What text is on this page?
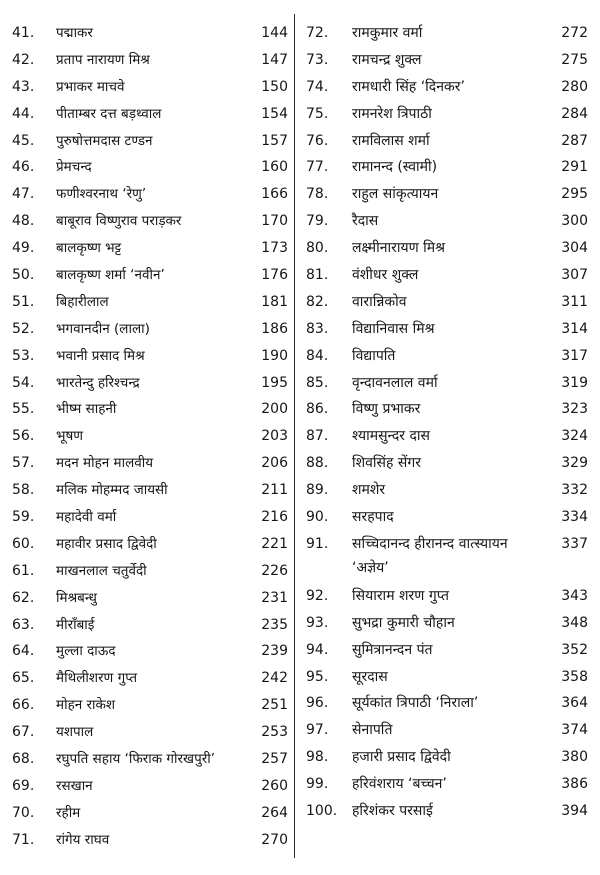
41. पद्माकर	144
42. प्रताप नारायण मिश्र	147
43. प्रभाकर माचवे	150
44. पीताम्बर दत्त बड़थ्वाल	154
45. पुरुषोत्तमदास टण्डन	157
46. प्रेमचन्द	160
47. फणीश्वरनाथ ‘रेणु’	166
48. बाबूराव विष्णुराव पराड़कर	170
49. बालकृष्ण भट्ट	173
50. बालकृष्ण शर्मा ‘नवीन’	176
51. बिहारीलाल	181
52. भगवानदीन (लाला)	186
53. भवानी प्रसाद मिश्र	190
54. भारतेन्दु हरिश्चन्द्र	195
55. भीष्म साहनी	200
56. भूषण	203
57. मदन मोहन मालवीय	206
58. मलिक मोहम्मद जायसी	211
59. महादेवी वर्मा	216
60. महावीर प्रसाद द्विवेदी	221
61. माखनलाल चतुर्वेदी	226
62. मिश्रबन्धु	231
63. मीराँबाई	235
64. मुल्ला दाऊद	239
65. मैथिलीशरण गुप्त	242
66. मोहन राकेश	251
67. यशपाल	253
68. रघुपति सहाय ‘फिराक गोरखपुरी’	257
69. रसखान	260
70. रहीम	264
71. रांगेय राघव	270
72. रामकुमार वर्मा	272
73. रामचन्द्र शुक्ल	275
74. रामधारी सिंह ‘दिनकर’	280
75. रामनरेश त्रिपाठी	284
76. रामविलास शर्मा	287
77. रामानन्द (स्वामी)	291
78. राहुल सांकृत्यायन	295
79. रैदास	300
80. लक्ष्मीनारायण मिश्र	304
81. वंशीधर शुक्ल	307
82. वारान्निकोव	311
83. विद्यानिवास मिश्र	314
84. विद्यापति	317
85. वृन्दावनलाल वर्मा	319
86. विष्णु प्रभाकर	323
87. श्यामसुन्दर दास	324
88. शिवसिंह सेंगर	329
89. शमशेर	332
90. सरहपाद	334
91. सच्चिदानन्द हीरानन्द वात्स्यायन ‘अज्ञेय’
337
92. सियाराम शरण गुप्त	343
93. सुभद्रा कुमारी चौहान	348
94. सुमित्रानन्दन पंत	352
95. सूरदास	358
96. सूर्यकांत त्रिपाठी ‘निराला’	364
97. सेनापति	374
98. हजारी प्रसाद द्विवेदी	380
99. हरिवंशराय ‘बच्चन’	386
100. हरिशंकर परसाई	394
